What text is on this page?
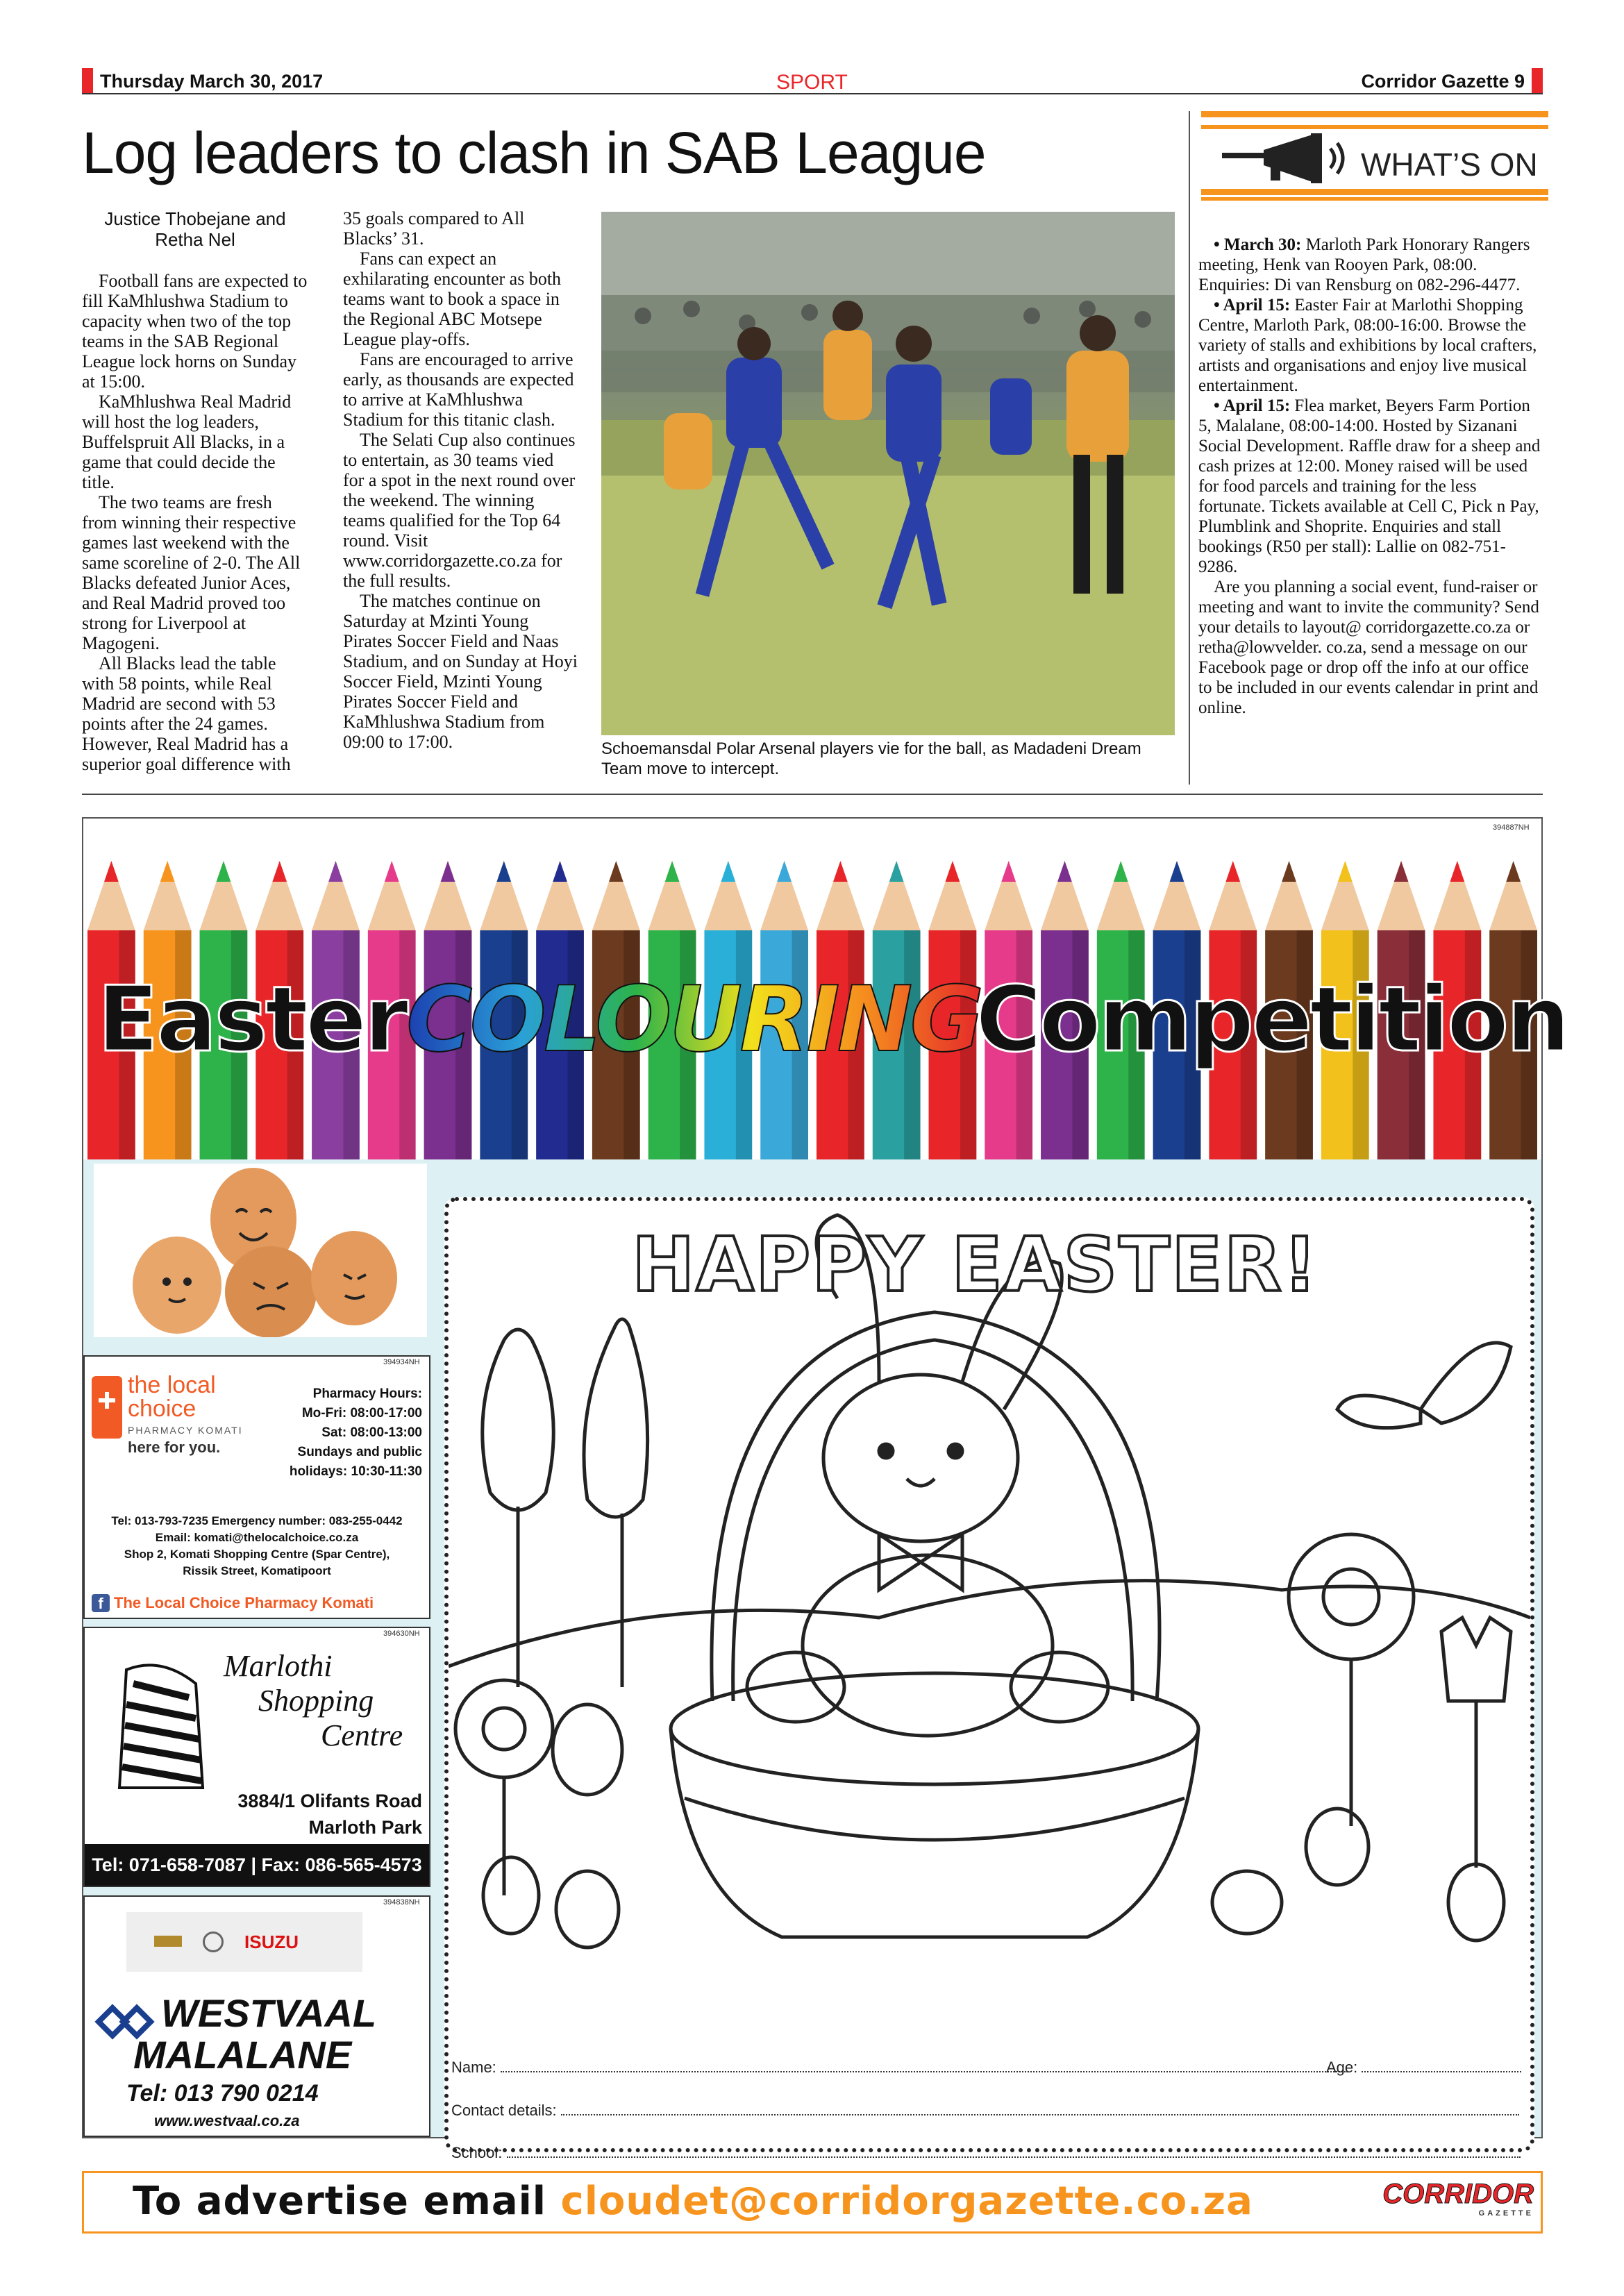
Thursday March 30, 2017	SPORT	Corridor Gazette 9
Log leaders to clash in SAB League
Justice Thobejane and
Retha Nel

Football fans are expected to fill KaMhlushwa Stadium to capacity when two of the top teams in the SAB Regional League lock horns on Sunday at 15:00.

KaMhlushwa Real Madrid will host the log leaders, Buffelspruit All Blacks, in a game that could decide the title.

The two teams are fresh from winning their respective games last weekend with the same scoreline of 2-0. The All Blacks defeated Junior Aces, and Real Madrid proved too strong for Liverpool at Magogeni.

All Blacks lead the table with 58 points, while Real Madrid are second with 53 points after the 24 games. However, Real Madrid has a superior goal difference with

35 goals compared to All Blacks’ 31.

Fans can expect an exhilarating encounter as both teams want to book a space in the Regional ABC Motsepe League play-offs.

Fans are encouraged to arrive early, as thousands are expected to arrive at KaMhlushwa Stadium for this titanic clash.

The Selati Cup also continues to entertain, as 30 teams vied for a spot in the next round over the weekend. The winning teams qualified for the Top 64 round. Visit www.corridorgazette.co.za for the full results.

The matches continue on Saturday at Mzinti Young Pirates Soccer Field and Naas Stadium, and on Sunday at Hoyi Soccer Field, Mzinti Young Pirates Soccer Field and KaMhlushwa Stadium from 09:00 to 17:00.	Schoemansdal Polar Arsenal players vie for the ball, as Madadeni Dream Team move to intercept.
WHAT’S ON

• March 30: Marloth Park Honorary Rangers meeting, Henk van Rooyen Park, 08:00. Enquiries: Di van Rensburg on 082-296-4477.

• April 15: Easter Fair at Marlothi Shopping Centre, Marloth Park, 08:00-16:00. Browse the variety of stalls and exhibitions by local crafters, artists and organisations and enjoy live musical entertainment.

• April 15: Flea market, Beyers Farm Portion 5, Malalane, 08:00-14:00. Hosted by Sizanani Social Development. Raffle draw for a sheep and cash prizes at 12:00. Money raised will be used for food parcels and training for the less fortunate. Tickets available at Cell C, Pick n Pay, Plumblink and Shoprite. Enquiries and stall bookings (R50 per stall): Lallie on 082-751-9286.

Are you planning a social event, fund-raiser or meeting and want to invite the community? Send your details to layout@ corridorgazette.co.za or retha@lowvelder. co.za, send a message on our Facebook page or drop off the info at our office to be included in our events calendar in print and online.

394887NH
Easter COLOURING
Competition
394934NH
the local
choice
PHARMACY KOMATI
here for you.
Pharmacy Hours:
Mo-Fri: 08:00-17:00
Sat: 08:00-13:00
Sundays and public
holidays: 10:30-11:30
Tel: 013-793-7235 Emergency number: 083-255-0442
Email: komati@thelocalchoice.co.za
Shop 2, Komati Shopping Centre (Spar Centre),
Rissik Street, Komatipoort
f The Local Choice Pharmacy Komati
394630NH
Marlothi
Shopping
Centre
3884/1 Olifants Road
Marloth Park
Tel: 071-658-7087 | Fax: 086-565-4573
394838NH
ISUZU
WESTVAAL
MALALANE
Tel: 013 790 0214
www.westvaal.co.za
HAPPY EASTER!
Name:	Age:
Contact details:
School:
To advertise email cloudet@corridorgazette.co.za	CORRIDOR
GAZETTE
